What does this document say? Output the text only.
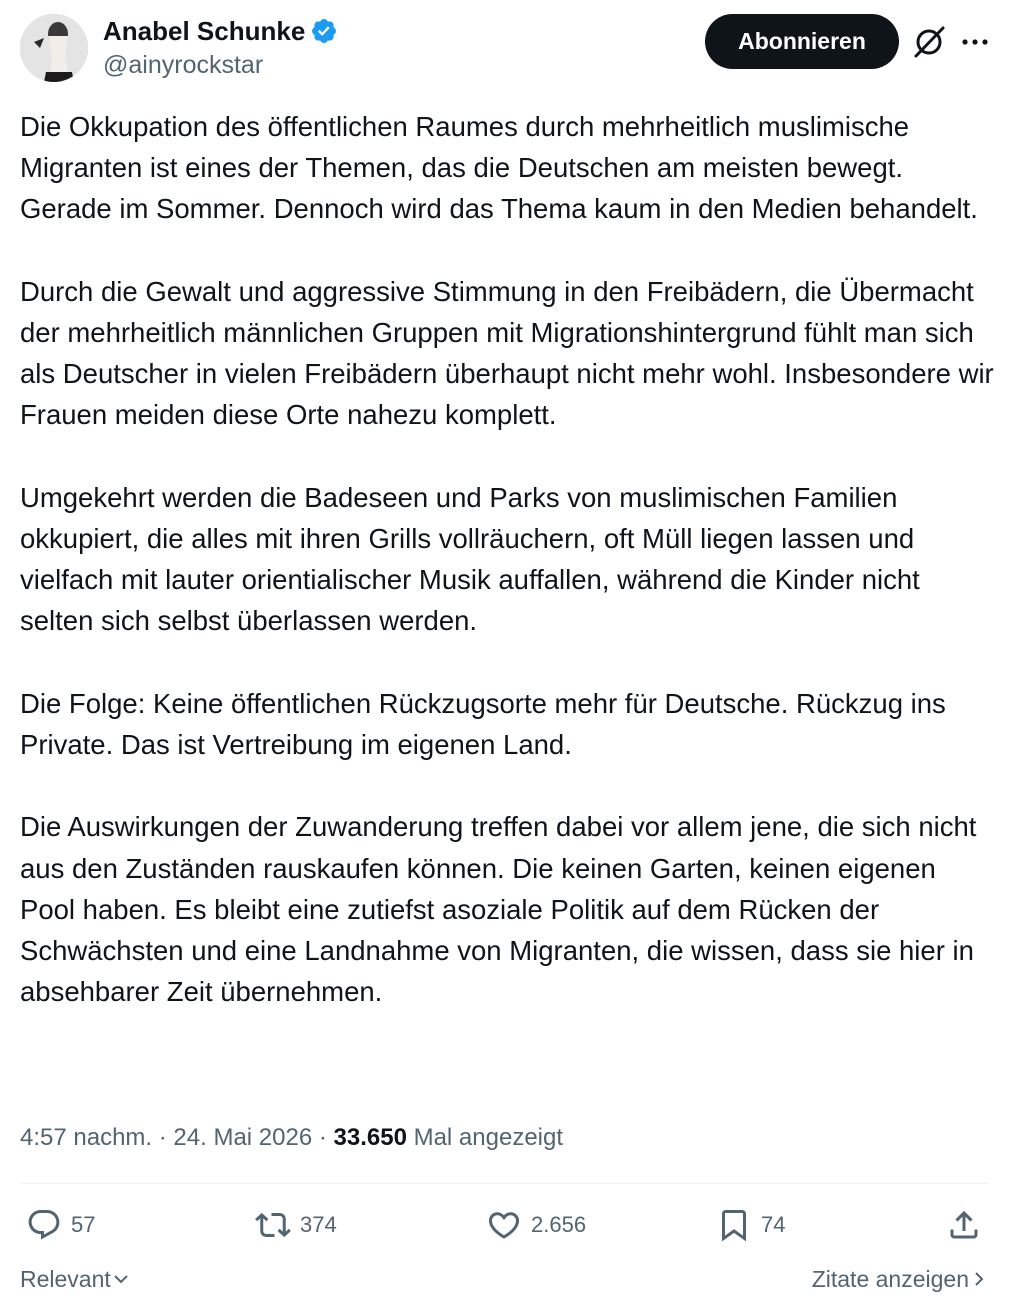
Anabel Schunke
@ainyrockstar
Abonnieren

Die Okkupation des öffentlichen Raumes durch mehrheitlich muslimische Migranten ist eines der Themen, das die Deutschen am meisten bewegt. Gerade im Sommer. Dennoch wird das Thema kaum in den Medien behandelt.

Durch die Gewalt und aggressive Stimmung in den Freibädern, die Übermacht der mehrheitlich männlichen Gruppen mit Migrationshintergrund fühlt man sich als Deutscher in vielen Freibädern überhaupt nicht mehr wohl. Insbesondere wir Frauen meiden diese Orte nahezu komplett.

Umgekehrt werden die Badeseen und Parks von muslimischen Familien okkupiert, die alles mit ihren Grills vollräuchern, oft Müll liegen lassen und vielfach mit lauter orientialischer Musik auffallen, während die Kinder nicht selten sich selbst überlassen werden.

Die Folge: Keine öffentlichen Rückzugsorte mehr für Deutsche. Rückzug ins Private. Das ist Vertreibung im eigenen Land.

Die Auswirkungen der Zuwanderung treffen dabei vor allem jene, die sich nicht aus den Zuständen rauskaufen können. Die keinen Garten, keinen eigenen Pool haben. Es bleibt eine zutiefst asoziale Politik auf dem Rücken der Schwächsten und eine Landnahme von Migranten, die wissen, dass sie hier in absehbarer Zeit übernehmen.

4:57 nachm. · 24. Mai 2026 · 33.650 Mal angezeigt
57	374	2.656	74
Relevant	Zitate anzeigen
